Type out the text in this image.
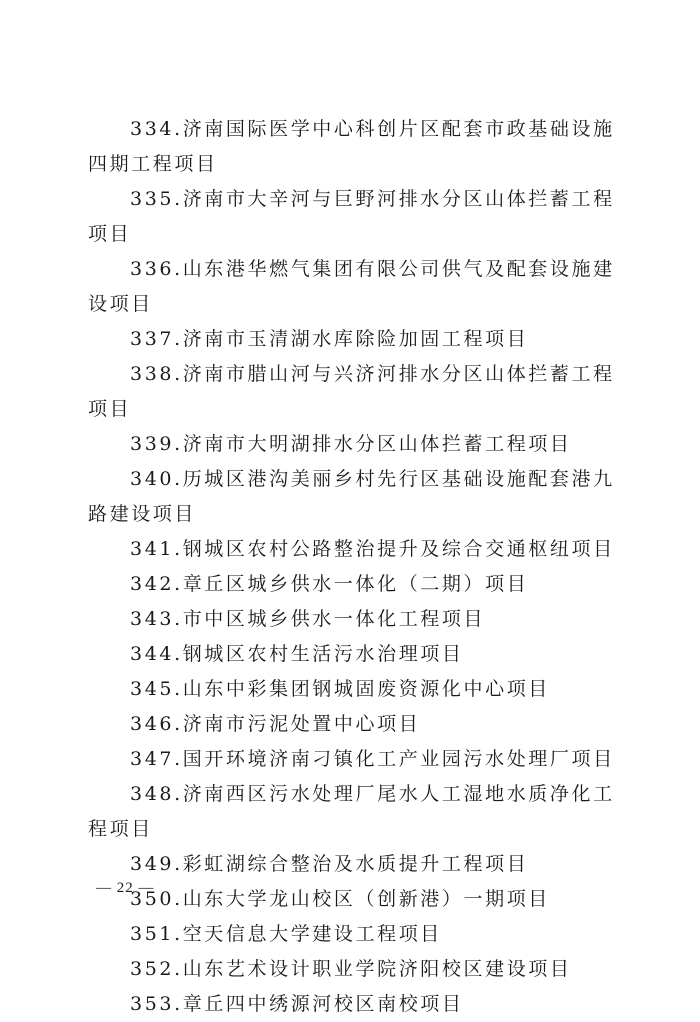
334.济南国际医学中心科创片区配套市政基础设施四期工程项目
335.济南市大辛河与巨野河排水分区山体拦蓄工程项目
336.山东港华燃气集团有限公司供气及配套设施建设项目
337.济南市玉清湖水库除险加固工程项目
338.济南市腊山河与兴济河排水分区山体拦蓄工程项目
339.济南市大明湖排水分区山体拦蓄工程项目
340.历城区港沟美丽乡村先行区基础设施配套港九路建设项目
341.钢城区农村公路整治提升及综合交通枢纽项目
342.章丘区城乡供水一体化（二期）项目
343.市中区城乡供水一体化工程项目
344.钢城区农村生活污水治理项目
345.山东中彩集团钢城固废资源化中心项目
346.济南市污泥处置中心项目
347.国开环境济南刁镇化工产业园污水处理厂项目
348.济南西区污水处理厂尾水人工湿地水质净化工程项目
349.彩虹湖综合整治及水质提升工程项目
350.山东大学龙山校区（创新港）一期项目
351.空天信息大学建设工程项目
352.山东艺术设计职业学院济阳校区建设项目
353.章丘四中绣源河校区南校项目
— 22 —
